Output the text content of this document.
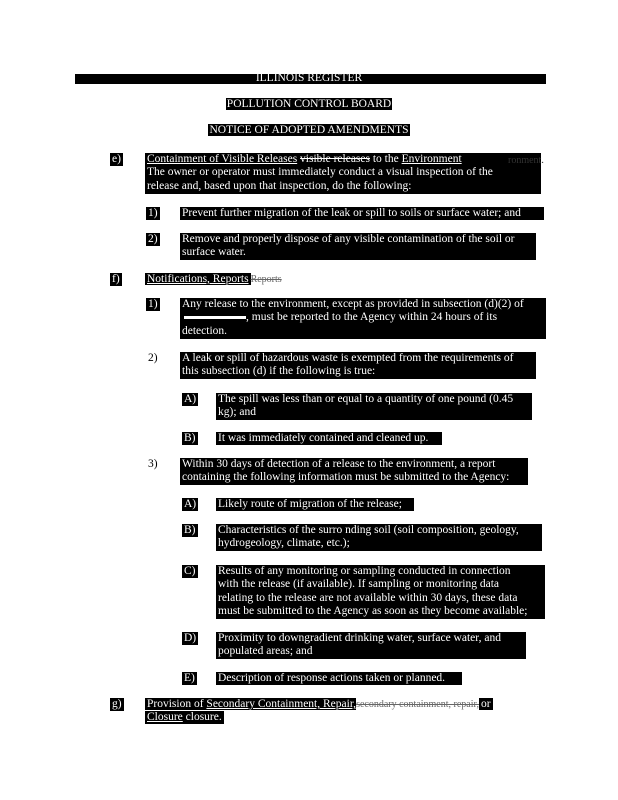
ILLINOIS REGISTER
POLLUTION CONTROL BOARD
NOTICE OF ADOPTED AMENDMENTS
e) Containment of Visible Releases visible releases to the Environment
The owner or operator must immediately conduct a visual inspection of the
release and, based upon that inspection, do the following:
ronment.
1) Prevent further migration of the leak or spill to soils or surface water; and
2) Remove and properly dispose of any visible contamination of the soil or
surface water.
f) Notifications, Reports Reports
1) Any release to the environment, except as provided in subsection (d)(2) of
, must be reported to the Agency within 24 hours of its
detection.
2) A leak or spill of hazardous waste is exempted from the requirements of
this subsection (d) if the following is true:
A) The spill was less than or equal to a quantity of one pound (0.45
kg); and
B) It was immediately contained and cleaned up.
3) Within 30 days of detection of a release to the environment, a report
containing the following information must be submitted to the Agency:
A) Likely route of migration of the release;
B) Characteristics of the surro nding soil (soil composition, geology,
hydrogeology, climate, etc.);
C) Results of any monitoring or sampling conducted in connection
with the release (if available). If sampling or monitoring data
relating to the release are not available within 30 days, these data
must be submitted to the Agency as soon as they become available;
D) Proximity to downgradient drinking water, surface water, and
populated areas; and
E) Description of response actions taken or planned.
g) Provision of Secondary Containment, Repair,secondary containment, repair, or
Closure closure.
